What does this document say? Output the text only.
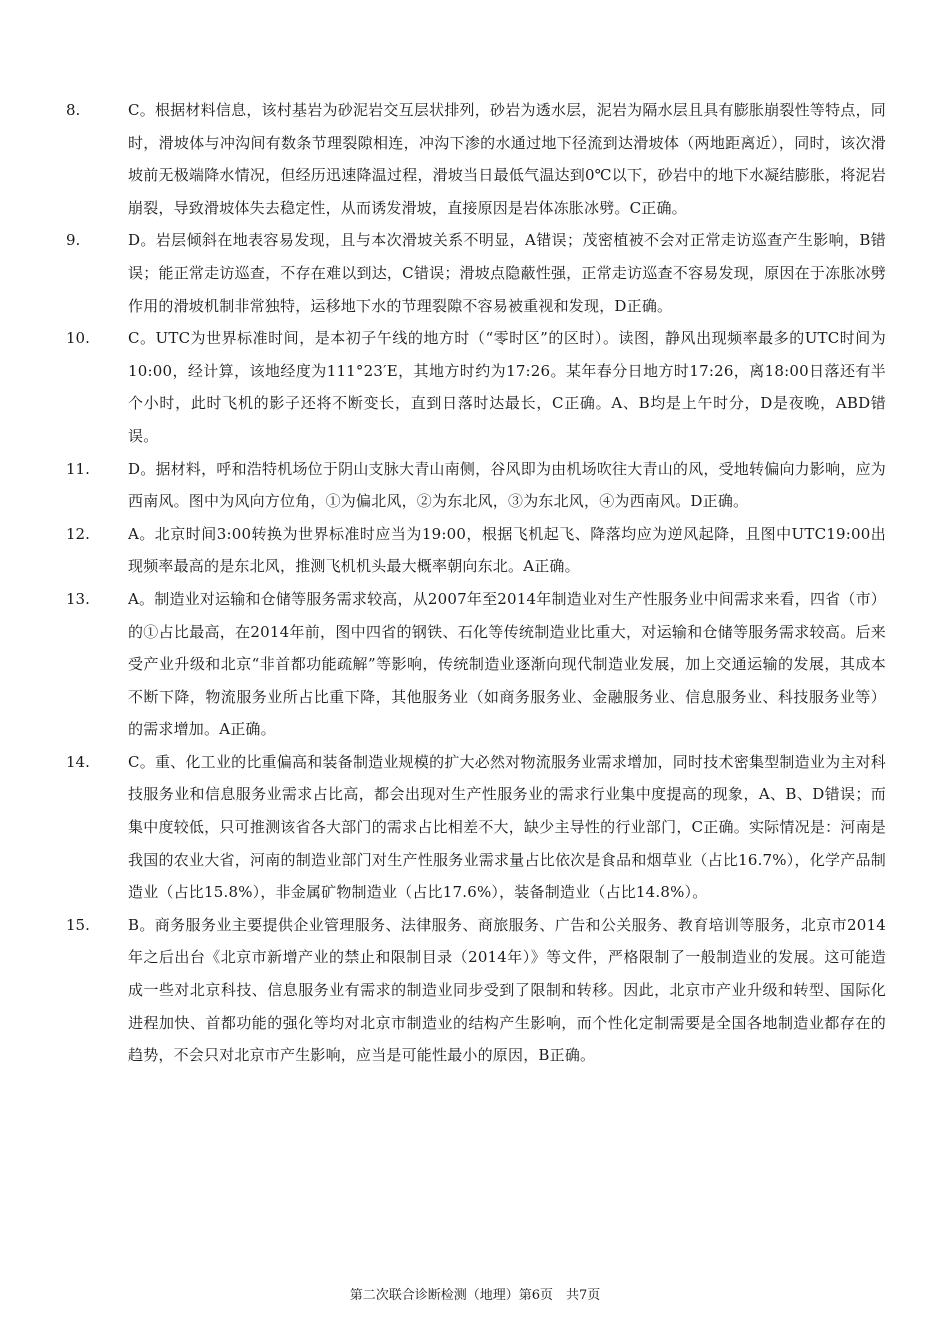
8.	C。根据材料信息，该村基岩为砂泥岩交互层状排列，砂岩为透水层，泥岩为隔水层且具有膨胀崩裂性等特点，同时，滑坡体与冲沟间有数条节理裂隙相连，冲沟下渗的水通过地下径流到达滑坡体（两地距离近），同时，该次滑坡前无极端降水情况，但经历迅速降温过程，滑坡当日最低气温达到0℃以下，砂岩中的地下水凝结膨胀，将泥岩崩裂，导致滑坡体失去稳定性，从而诱发滑坡，直接原因是岩体冻胀冰劈。C正确。
9.	D。岩层倾斜在地表容易发现，且与本次滑坡关系不明显，A错误；茂密植被不会对正常走访巡查产生影响，B错误；能正常走访巡查，不存在难以到达，C错误；滑坡点隐蔽性强，正常走访巡查不容易发现，原因在于冻胀冰劈作用的滑坡机制非常独特，运移地下水的节理裂隙不容易被重视和发现，D正确。
10.	C。UTC为世界标准时间，是本初子午线的地方时（“零时区”的区时）。读图，静风出现频率最多的UTC时间为10:00，经计算，该地经度为111°23′E，其地方时约为17:26。某年春分日地方时17:26，离18:00日落还有半个小时，此时飞机的影子还将不断变长，直到日落时达最长，C正确。A、B均是上午时分，D是夜晚，ABD错误。
11.	D。据材料，呼和浩特机场位于阴山支脉大青山南侧，谷风即为由机场吹往大青山的风，受地转偏向力影响，应为西南风。图中为风向方位角，①为偏北风，②为东北风，③为东北风，④为西南风。D正确。
12.	A。北京时间3:00转换为世界标准时应当为19:00，根据飞机起飞、降落均应为逆风起降，且图中UTC19:00出现频率最高的是东北风，推测飞机机头最大概率朝向东北。A正确。
13.	A。制造业对运输和仓储等服务需求较高，从2007年至2014年制造业对生产性服务业中间需求来看，四省（市）的①占比最高，在2014年前，图中四省的钢铁、石化等传统制造业比重大，对运输和仓储等服务需求较高。后来受产业升级和北京“非首都功能疏解”等影响，传统制造业逐渐向现代制造业发展，加上交通运输的发展，其成本不断下降，物流服务业所占比重下降，其他服务业（如商务服务业、金融服务业、信息服务业、科技服务业等）的需求增加。A正确。
14.	C。重、化工业的比重偏高和装备制造业规模的扩大必然对物流服务业需求增加，同时技术密集型制造业为主对科技服务业和信息服务业需求占比高，都会出现对生产性服务业的需求行业集中度提高的现象，A、B、D错误；而集中度较低，只可推测该省各大部门的需求占比相差不大，缺少主导性的行业部门，C正确。实际情况是：河南是我国的农业大省，河南的制造业部门对生产性服务业需求量占比依次是食品和烟草业（占比16.7%），化学产品制造业（占比15.8%），非金属矿物制造业（占比17.6%），装备制造业（占比14.8%）。
15.	B。商务服务业主要提供企业管理服务、法律服务、商旅服务、广告和公关服务、教育培训等服务，北京市2014年之后出台《北京市新增产业的禁止和限制目录（2014年）》等文件，严格限制了一般制造业的发展。这可能造成一些对北京科技、信息服务业有需求的制造业同步受到了限制和转移。因此，北京市产业升级和转型、国际化进程加快、首都功能的强化等均对北京市制造业的结构产生影响，而个性化定制需要是全国各地制造业都存在的趋势，不会只对北京市产生影响，应当是可能性最小的原因，B正确。
第二次联合诊断检测（地理）第6页　共7页
